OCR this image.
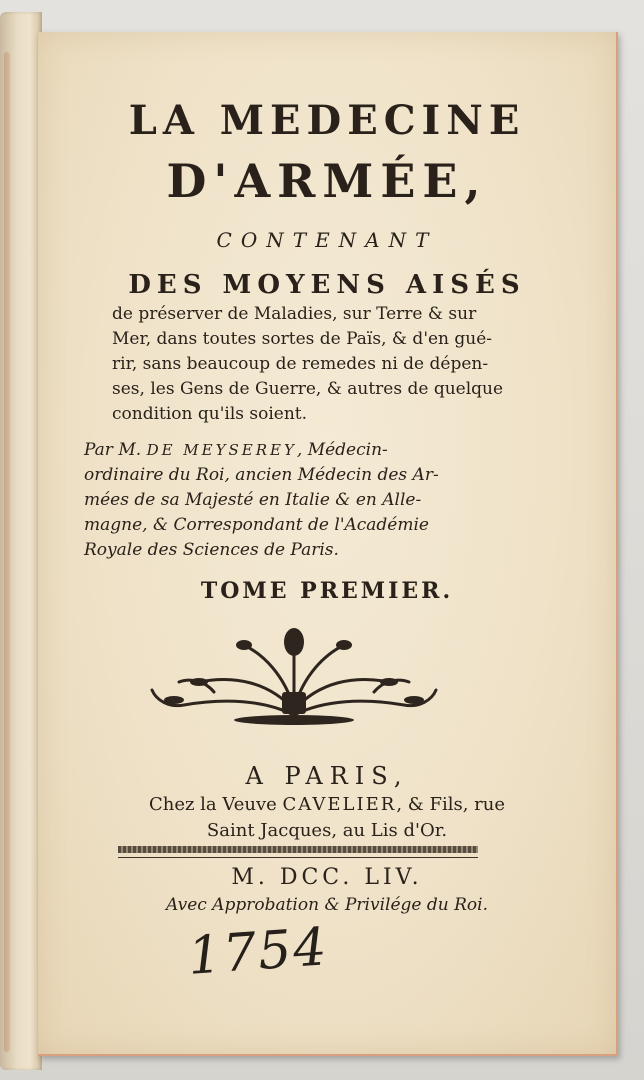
LA MEDECINE
D'ARMÉE,
CONTENANT
DES MOYENS AISÉS
de préserver de Maladies, sur Terre & sur
Mer, dans toutes sortes de Païs, & d'en gué-
rir, sans beaucoup de remedes ni de dépen-
ses, les Gens de Guerre, & autres de quelque
condition qu'ils soient.
Par M. DE MEYSEREY, Médecin-
ordinaire du Roi, ancien Médecin des Ar-
mées de sa Majesté en Italie & en Alle-
magne, & Correspondant de l'Académie
Royale des Sciences de Paris.
TOME PREMIER.
A PARIS,
Chez la Veuve CAVELIER, & Fils, rue
Saint Jacques, au Lis d'Or.
M. DCC. LIV.
Avec Approbation & Privilége du Roi.
1754
